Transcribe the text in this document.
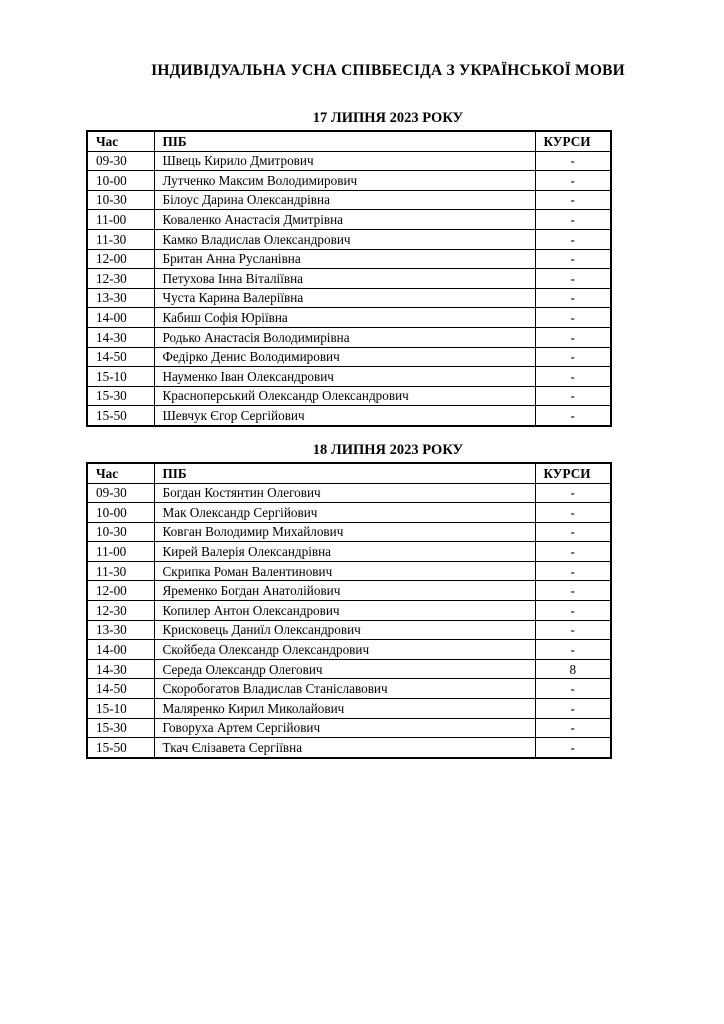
ІНДИВІДУАЛЬНА УСНА СПІВБЕСІДА З УКРАЇНСЬКОЇ МОВИ
17 ЛИПНЯ 2023 РОКУ
Час	ПІБ	КУРСИ
09-30	Швець Кирило Дмитрович	-
10-00	Лутченко Максим Володимирович	-
10-30	Білоус Дарина Олександрівна	-
11-00	Коваленко Анастасія Дмитрівна	-
11-30	Камко Владислав Олександрович	-
12-00	Британ Анна Русланівна	-
12-30	Петухова Інна Віталіївна	-
13-30	Чуста Карина Валеріївна	-
14-00	Кабиш Софія Юріївна	-
14-30	Родько Анастасія Володимирівна	-
14-50	Федірко Денис Володимирович	-
15-10	Науменко Іван Олександрович	-
15-30	Красноперський Олександр Олександрович	-
15-50	Шевчук Єгор Сергійович	-
18 ЛИПНЯ 2023 РОКУ
Час	ПІБ	КУРСИ
09-30	Богдан Костянтин Олегович	-
10-00	Мак Олександр Сергійович	-
10-30	Ковган Володимир Михайлович	-
11-00	Кирей Валерія Олександрівна	-
11-30	Скрипка Роман Валентинович	-
12-00	Яременко Богдан Анатолійович	-
12-30	Копилер Антон Олександрович	-
13-30	Крисковець Даниїл Олександрович	-
14-00	Скойбеда Олександр Олександрович	-
14-30	Середа Олександр Олегович	8
14-50	Скоробогатов Владислав Станіславович	-
15-10	Маляренко Кирил Миколайович	-
15-30	Говоруха Артем Сергійович	-
15-50	Ткач Єлізавета Сергіївна	-
